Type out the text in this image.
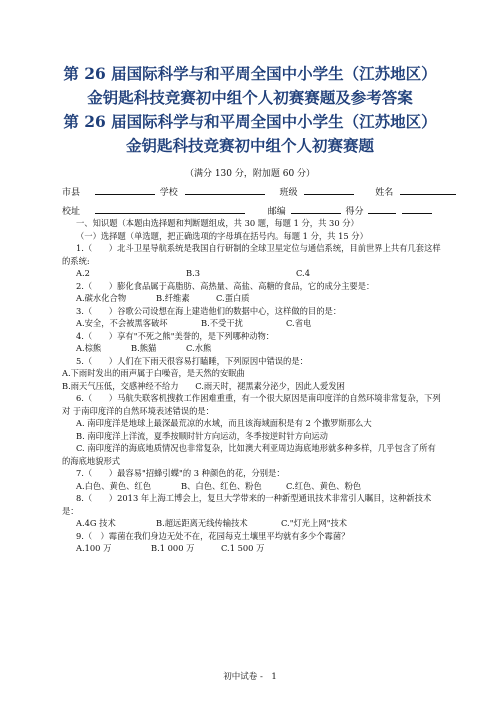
第 26 届国际科学与和平周全国中小学生（江苏地区）

金钥匙科技竞赛初中组个人初赛赛题及参考答案

第 26 届国际科学与和平周全国中小学生（江苏地区）

金钥匙科技竞赛初中组个人初赛赛题

（满分 130 分，附加题 60 分）
市县	学校	班级	姓名
校址	邮编	得分

一、知识题（本题由选择题和判断题组成，共 30 题，每题 1 分，共 30 分）

（一）选择题（单选题，把正确选项的字母填在括号内。每题 1 分，共 15 分）

1.（　　）北斗卫星导航系统是我国自行研制的全球卫星定位与通信系统，目前世界上共有几套这样的系统:

A.2	B.3	C.4

2.（　　）膨化食品属于高脂肪、高热量、高盐、高糖的食品，它的成分主要是：

A.碳水化合物	B.纤维素	C.蛋白质

3.（　　）谷歌公司设想在海上建造他们的数据中心，这样做的目的是：

A.安全，不会被黑客破坏	B.不受干扰	C.省电

4.（　　）享有"不死之熊"美誉的，是下列哪种动物：

A.棕熊	B.熊猫	C.水熊

5.（　　）人们在下雨天很容易打瞌睡，下列原因中错误的是：

A.下雨时发出的雨声属于白噪音，是天然的安眠曲

B.雨天气压低，交感神经不给力　　C.雨天时，褪黑素分泌少，因此人爱发困

6.（　　）马航失联客机搜救工作困难重重，有一个很大原因是南印度洋的自然环境非常复杂，下列对 于南印度洋的自然环境表述错误的是：

A. 南印度洋是地球上最深最荒凉的水域，而且该海域面积是有 2 个撒罗斯那么大

B. 南印度洋上洋流，夏季按顺时针方向运动，冬季按逆时针方向运动

C. 南印度洋的海底地质情况也非常复杂，比如澳大利亚周边海底地形就多种多样，几乎包含了所有的海底地貌形式

7.（　　）最容易"招蜂引蝶"的 3 种颜色的花，分别是：

A.白色、黄色、红色	B、白色、红色、粉色	C.红色、黄色、粉色

8.（　　）2013 年上海工博会上，复旦大学带来的一种新型通讯技术非常引人瞩目，这种新技术是：

A.4G 技术	B.超远距离无线传输技术	C."灯光上网"技术

9.（　）霉菌在我们身边无处不在，花园每克土壤里平均就有多少个霉菌？

A.100 万	B.1 000 万	C.1 500 万

初中试卷 -　1
